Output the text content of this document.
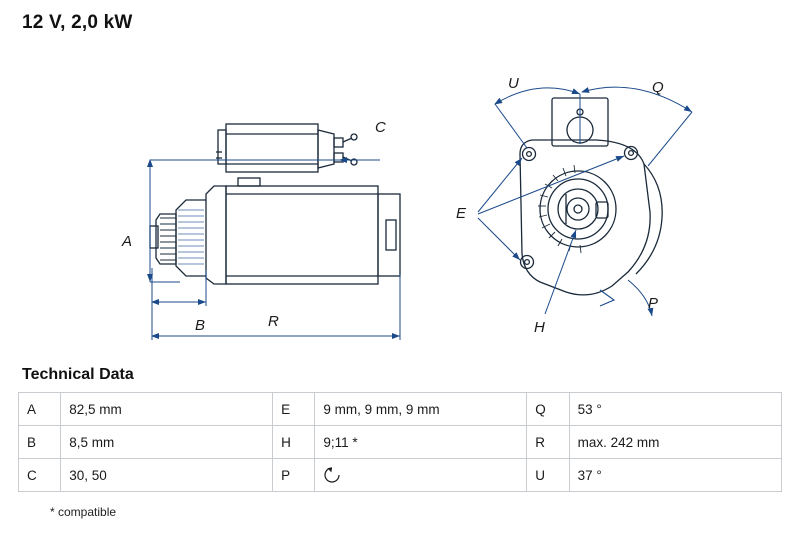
12 V, 2,0 kW
A
B
C
R
U	Q
E
H
P
Technical Data
A	82,5 mm	E	9 mm, 9 mm, 9 mm	Q	53 °
B	8,5 mm	H	9;11 *	R	max. 242 mm
C	30, 50	P		U	37 °
* compatible
